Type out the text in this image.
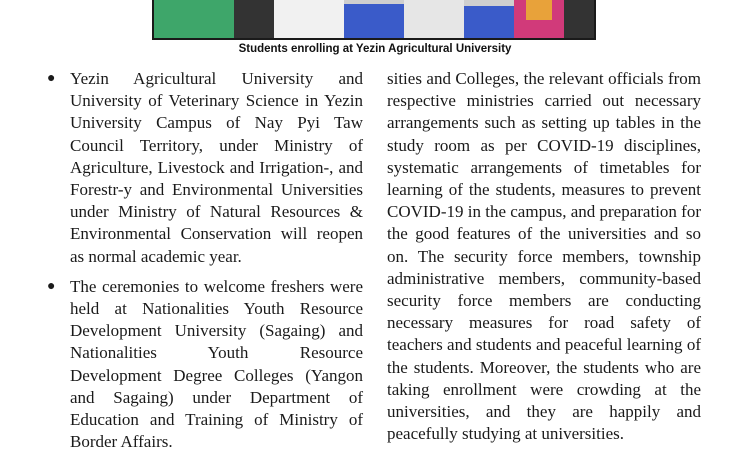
Students enrolling at Yezin Agricultural University
● Yezin Agricultural University and University of Veterinary Science in Yezin University Campus of Nay Pyi Taw Council Territory, under Ministry of Agriculture, Livestock and Irrigation-, and Forestr-y and Environmental Universities under Ministry of Natural Resources & Environmental Conservation will reopen as normal academic year.

● The ceremonies to welcome freshers were held at Nationalities Youth Resource Development University (Sagaing) and Nationalities Youth Resource Development Degree Colleges (Yangon and Sagaing) under Department of Education and Training of Ministry of Border Affairs.

sities and Colleges, the relevant officials from respective ministries carried out necessary arrangements such as setting up tables in the study room as per COVID-19 disciplines, systematic arrangements of timetables for learning of the students, measures to prevent COVID-19 in the campus, and preparation for the good features of the universities and so on. The security force members, township administrative members, community-based security force members are conducting necessary measures for road safety of teachers and students and peaceful learning of the students. Moreover, the students who are taking enrollment were crowding at the universities, and they are happily and peacefully studying at universities.
